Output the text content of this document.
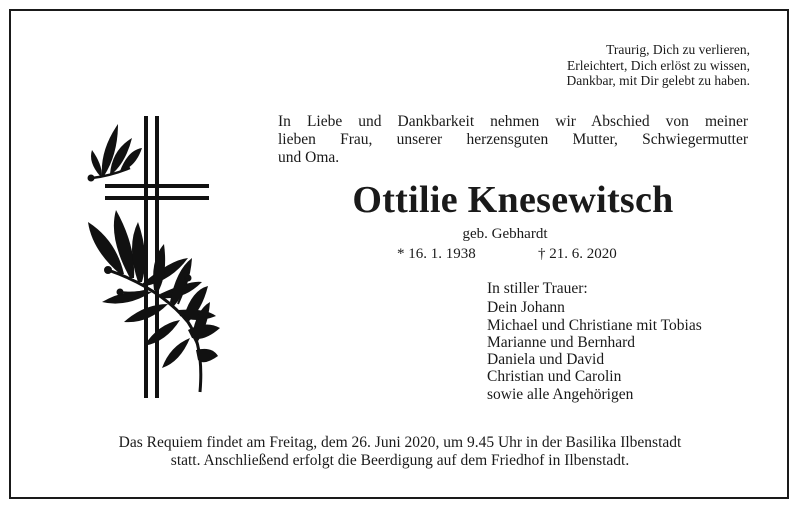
Traurig, Dich zu verlieren,
Erleichtert, Dich erlöst zu wissen,
Dankbar, mit Dir gelebt zu haben.
In Liebe und Dankbarkeit nehmen wir Abschied von meiner
lieben Frau, unserer herzensguten Mutter, Schwiegermutter
und Oma.
Ottilie Knesewitsch
geb. Gebhardt
* 16. 1. 1938	† 21. 6. 2020
In stiller Trauer:
Dein Johann
Michael und Christiane mit Tobias
Marianne und Bernhard
Daniela und David
Christian und Carolin
sowie alle Angehörigen
Das Requiem findet am Freitag, dem 26. Juni 2020, um 9.45 Uhr in der Basilika Ilbenstadt
statt. Anschließend erfolgt die Beerdigung auf dem Friedhof in Ilbenstadt.
